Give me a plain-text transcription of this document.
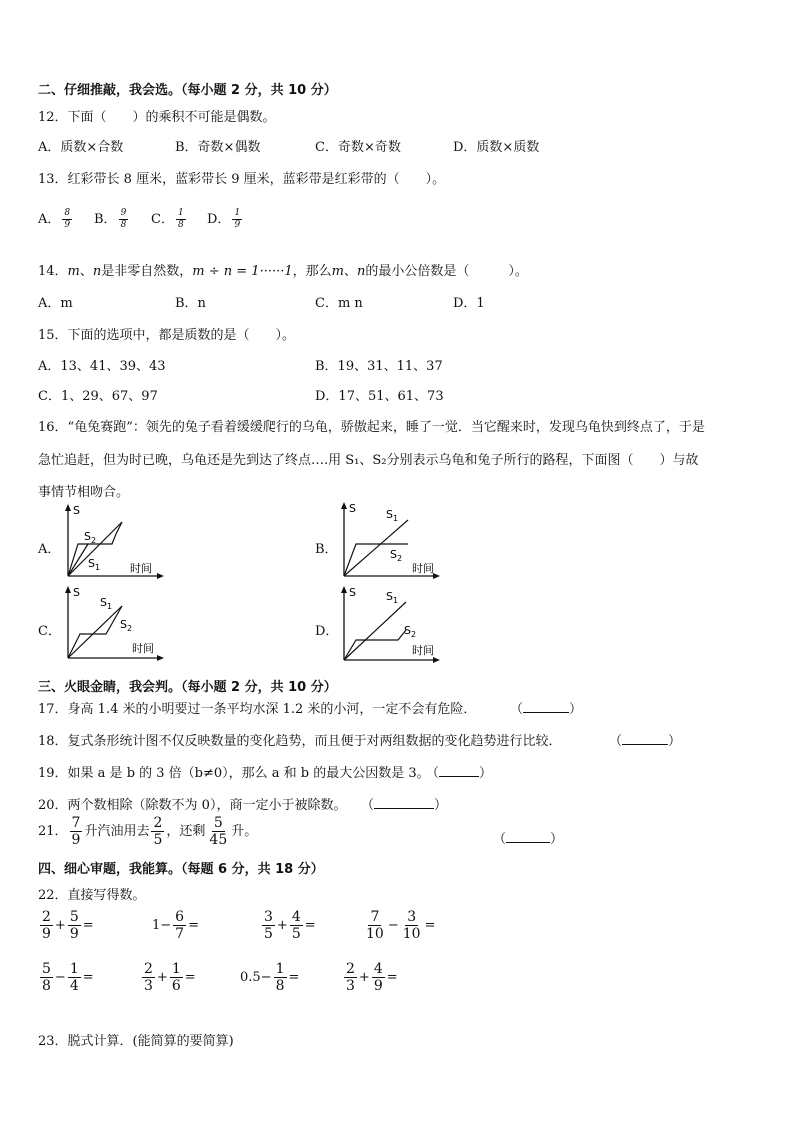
二、仔细推敲，我会选。（每小题 2 分，共 10 分）
12．下面（　　）的乘积不可能是偶数。
A．质数×合数	B．奇数×偶数	C．奇数×奇数	D．质数×质数
13．红彩带长 8 厘米，蓝彩带长 9 厘米，蓝彩带是红彩带的（　　）。
A． $\frac{8}{9}$ B． $\frac{9}{8}$ C． $\frac{1}{8}$ D． $\frac{1}{9}$
14．m、n是非零自然数，m ÷ n = 1······1，那么m、n的最小公倍数是（　　　）。
A．m	B．n	C．m n	D．1
15．下面的选项中，都是质数的是（　　）。
A．13、41、39、43	B．19、31、11、37
C．1、29、67、97	D．17、51、61、73
16．“龟兔赛跑”：领先的兔子看着缓缓爬行的乌龟，骄傲起来，睡了一觉．当它醒来时，发现乌龟快到终点了，于是
急忙追赶，但为时已晚，乌龟还是先到达了终点….用 S₁、S₂分别表示乌龟和兔子所行的路程，下面图（　　）与故
事情节相吻合。
A．	B．
C．	D．
S
时间
$S_2$
$S_1$
S
时间
$S_1$
$S_2$
S
时间
$S_1$
$S_2$
S
时间
$S_1$
$S_2$
三、火眼金睛，我会判。（每小题 2 分，共 10 分）
17．身高 1.4 米的小明要过一条平均水深 1.2 米的小河，一定不会有危险．	（	）
18．复式条形统计图不仅反映数量的变化趋势，而且便于对两组数据的变化趋势进行比较．	（	）
19．如果 a 是 b 的 3 倍（b≠0），那么 a 和 b 的最大公因数是 3。
（	）
20．两个数相除（除数不为 0），商一定小于被除数。 （	）
21． $\frac{7}{9}$ 升汽油用去 $\frac{2}{5}$ ，还剩 $\frac{5}{45}$ 升。
（	）
四、细心审题，我能算。（每题 6 分，共 18 分）
22．直接写得数。
$\frac{2}{9} + \frac{5}{9}$ =	$1- \frac{6}{7}$ =	$\frac{3}{5} + \frac{4}{5}$ =	$\frac{7}{10} - \frac{3}{10}$ =
$\frac{5}{8} - \frac{1}{4}$ =	$\frac{2}{3} + \frac{1}{6}$ =	$0.5- \frac{1}{8}$ =	$\frac{2}{3} + \frac{4}{9}$ =
23．脱式计算．(能简算的要简算)
